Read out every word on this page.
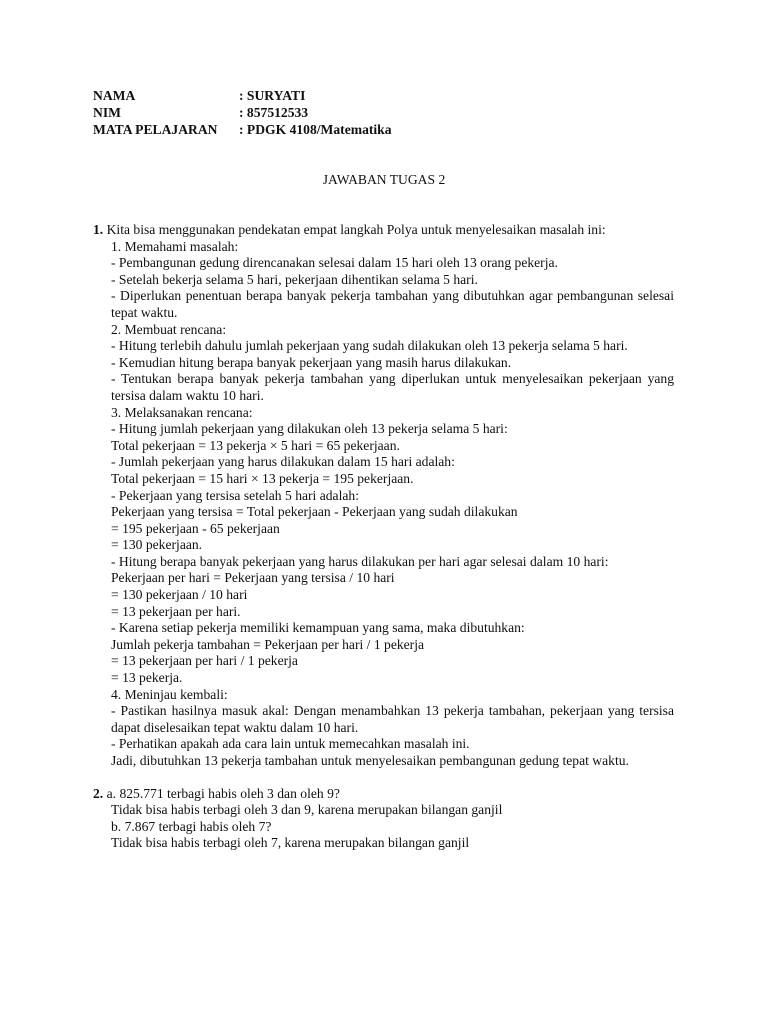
NAMA	: SURYATI
NIM	: 857512533
MATA PELAJARAN	: PDGK 4108/Matematika
JAWABAN TUGAS 2
1. Kita bisa menggunakan pendekatan empat langkah Polya untuk menyelesaikan masalah ini:
1. Memahami masalah:
- Pembangunan gedung direncanakan selesai dalam 15 hari oleh 13 orang pekerja.
- Setelah bekerja selama 5 hari, pekerjaan dihentikan selama 5 hari.
- Diperlukan penentuan berapa banyak pekerja tambahan yang dibutuhkan agar pembangunan selesai tepat waktu.
2. Membuat rencana:
- Hitung terlebih dahulu jumlah pekerjaan yang sudah dilakukan oleh 13 pekerja selama 5 hari.
- Kemudian hitung berapa banyak pekerjaan yang masih harus dilakukan.
- Tentukan berapa banyak pekerja tambahan yang diperlukan untuk menyelesaikan pekerjaan yang tersisa dalam waktu 10 hari.
3. Melaksanakan rencana:
- Hitung jumlah pekerjaan yang dilakukan oleh 13 pekerja selama 5 hari:
Total pekerjaan = 13 pekerja × 5 hari = 65 pekerjaan.
- Jumlah pekerjaan yang harus dilakukan dalam 15 hari adalah:
Total pekerjaan = 15 hari × 13 pekerja = 195 pekerjaan.
- Pekerjaan yang tersisa setelah 5 hari adalah:
Pekerjaan yang tersisa = Total pekerjaan - Pekerjaan yang sudah dilakukan
= 195 pekerjaan - 65 pekerjaan
= 130 pekerjaan.
- Hitung berapa banyak pekerjaan yang harus dilakukan per hari agar selesai dalam 10 hari:
Pekerjaan per hari = Pekerjaan yang tersisa / 10 hari
= 130 pekerjaan / 10 hari
= 13 pekerjaan per hari.
- Karena setiap pekerja memiliki kemampuan yang sama, maka dibutuhkan:
Jumlah pekerja tambahan = Pekerjaan per hari / 1 pekerja
= 13 pekerjaan per hari / 1 pekerja
= 13 pekerja.
4. Meninjau kembali:
- Pastikan hasilnya masuk akal: Dengan menambahkan 13 pekerja tambahan, pekerjaan yang tersisa dapat diselesaikan tepat waktu dalam 10 hari.
- Perhatikan apakah ada cara lain untuk memecahkan masalah ini.
Jadi, dibutuhkan 13 pekerja tambahan untuk menyelesaikan pembangunan gedung tepat waktu.
2. a. 825.771 terbagi habis oleh 3 dan oleh 9?
Tidak bisa habis terbagi oleh 3 dan 9, karena merupakan bilangan ganjil
b. 7.867 terbagi habis oleh 7?
Tidak bisa habis terbagi oleh 7, karena merupakan bilangan ganjil
